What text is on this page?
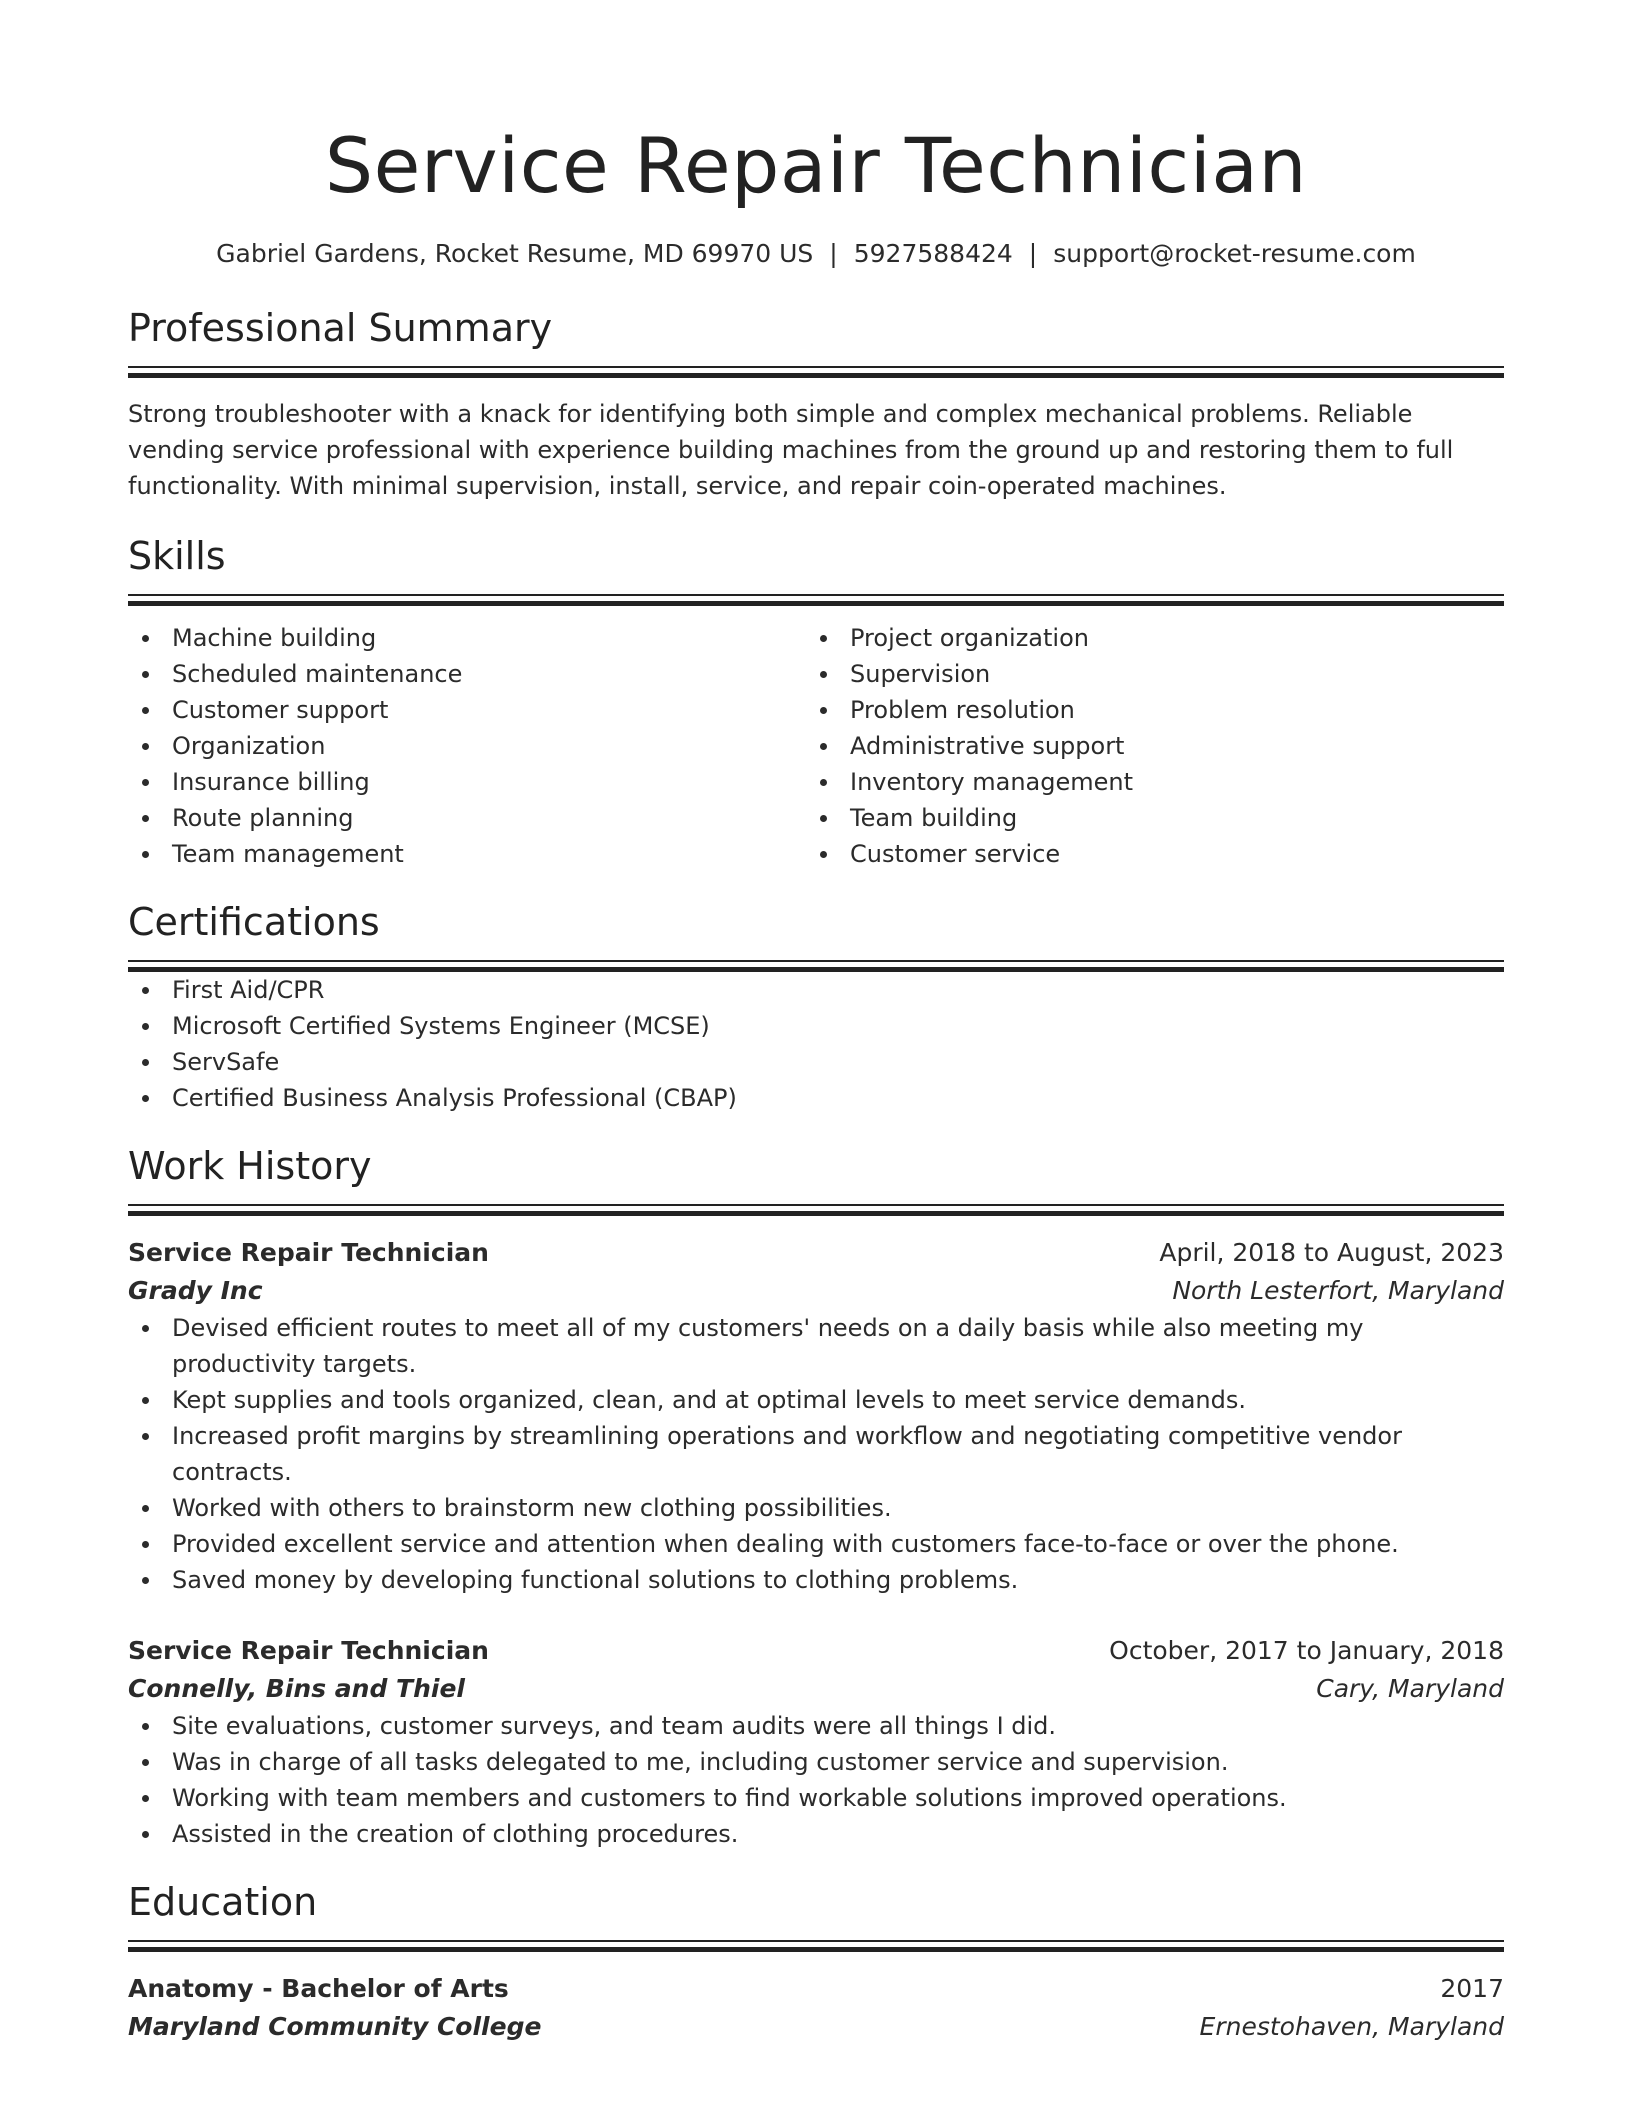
Service Repair Technician
Gabriel Gardens, Rocket Resume, MD 69970 US | 5927588424 | support@rocket-resume.com
Professional Summary
Strong troubleshooter with a knack for identifying both simple and complex mechanical problems. Reliable vending service professional with experience building machines from the ground up and restoring them to full functionality. With minimal supervision, install, service, and repair coin-operated machines.
Skills
Machine building
Scheduled maintenance
Customer support
Organization
Insurance billing
Route planning
Team management
Project organization
Supervision
Problem resolution
Administrative support
Inventory management
Team building
Customer service
Certifications
First Aid/CPR
Microsoft Certified Systems Engineer (MCSE)
ServSafe
Certified Business Analysis Professional (CBAP)
Work History
Service Repair Technician	April, 2018 to August, 2023
Grady Inc	North Lesterfort, Maryland
Devised efficient routes to meet all of my customers' needs on a daily basis while also meeting my productivity targets.
Kept supplies and tools organized, clean, and at optimal levels to meet service demands.
Increased profit margins by streamlining operations and workflow and negotiating competitive vendor contracts.
Worked with others to brainstorm new clothing possibilities.
Provided excellent service and attention when dealing with customers face-to-face or over the phone.
Saved money by developing functional solutions to clothing problems.
Service Repair Technician	October, 2017 to January, 2018
Connelly, Bins and Thiel	Cary, Maryland
Site evaluations, customer surveys, and team audits were all things I did.
Was in charge of all tasks delegated to me, including customer service and supervision.
Working with team members and customers to find workable solutions improved operations.
Assisted in the creation of clothing procedures.
Education
Anatomy - Bachelor of Arts	2017
Maryland Community College	Ernestohaven, Maryland
